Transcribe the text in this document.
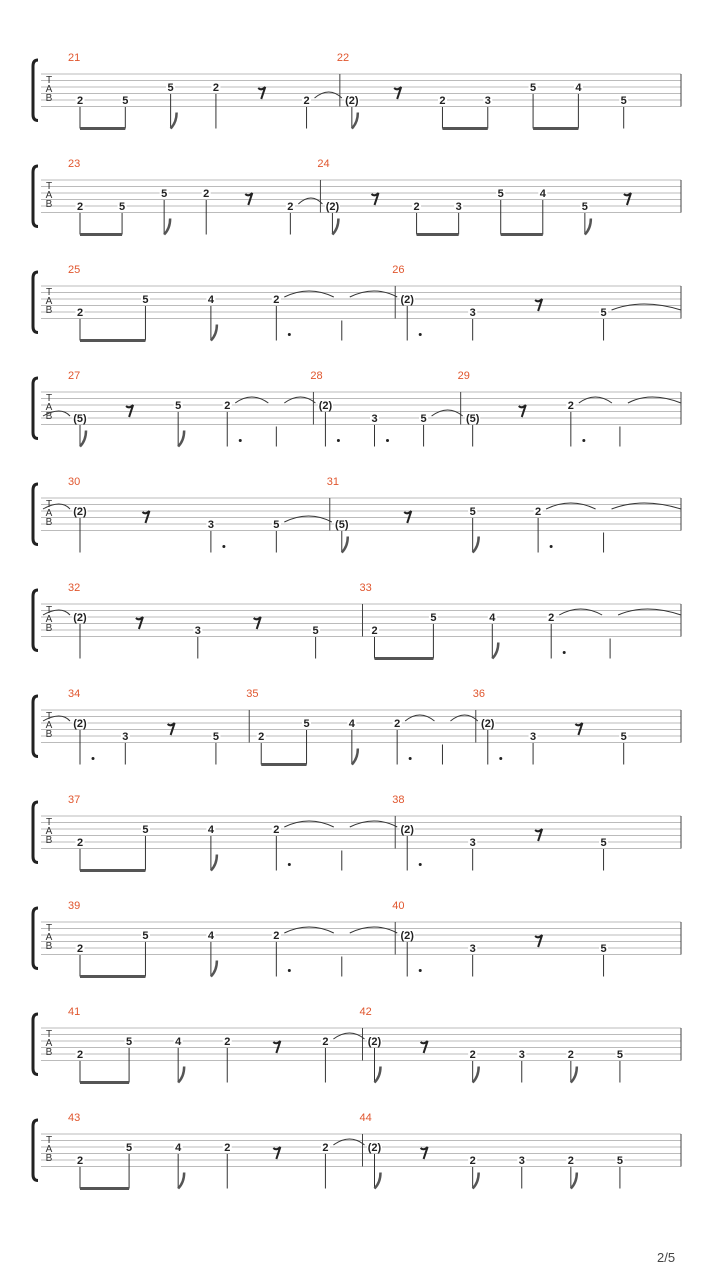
T
A
B
21
2	5
5	2
2
22
(2)	2	3
5	4
5
T
A
B
23
2	5
5	2
2
24
(2)	2	3
5	4
5
T
A
B
25
2
5	4	2
26
(2)
3	5
T
A
B
27
(5)
5	2
28
(2)
3	5
29
(5)
2
T
A
B
30
(2)
3	5
31
(5)
5	2
T
A
B
32
(2)
3	5
33
2
5	4	2
T
A
B
34
(2)
3	5
35
2
5	4	2
36
(2)
3	5
T
A
B
37
2
5	4	2
38
(2)
3	5
T
A
B
39
2
5	4	2
40
(2)
3	5
T
A
B
41
2
5	4	2	2
42
(2)
2	3	2	5
T
A
B
43
2
5	4	2	2
44
(2)
2	3	2	5
2/5
